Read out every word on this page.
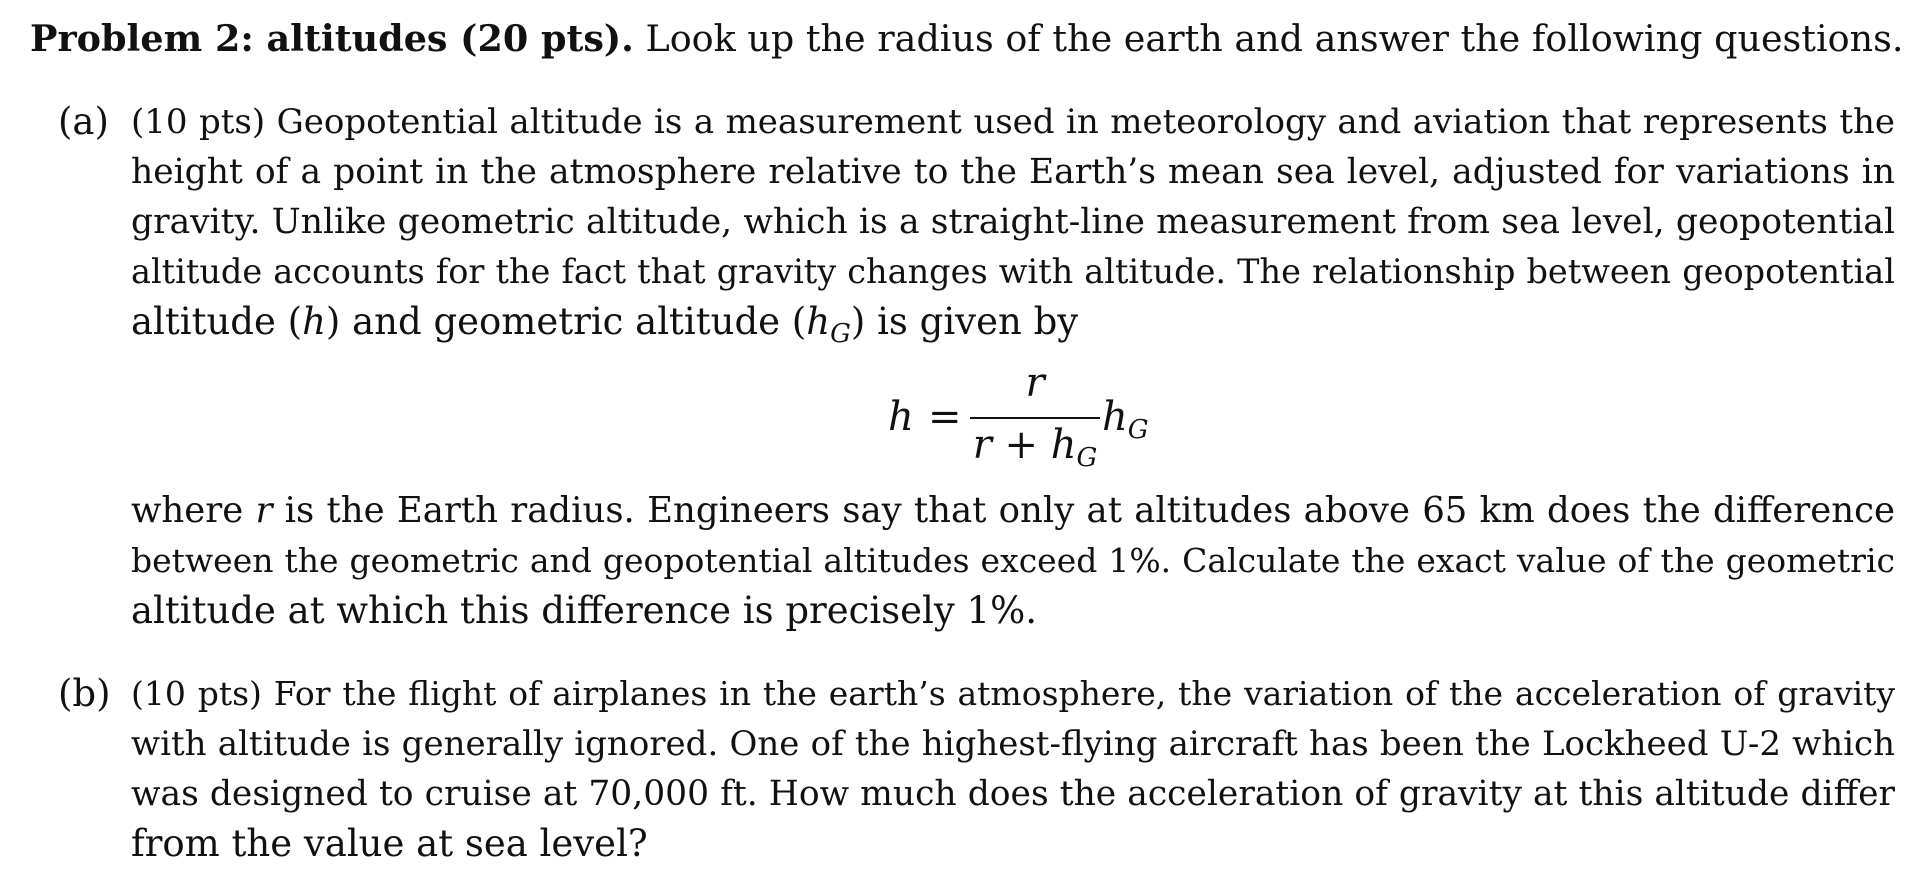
Problem 2: altitudes (20 pts). Look up the radius of the earth and answer the following questions.
(a) (10 pts) Geopotential altitude is a measurement used in meteorology and aviation that represents the
height of a point in the atmosphere relative to the Earth’s mean sea level, adjusted for variations in
gravity. Unlike geometric altitude, which is a straight-line measurement from sea level, geopotential
altitude accounts for the fact that gravity changes with altitude. The relationship between geopotential
altitude (h) and geometric altitude $(h_G)$ is given by
h =
r
$r + h_G$
$h_G$
where r is the Earth radius. Engineers say that only at altitudes above 65 km does the difference
between the geometric and geopotential altitudes exceed 1%. Calculate the exact value of the geometric
altitude at which this difference is precisely 1%.
(b) (10 pts) For the flight of airplanes in the earth’s atmosphere, the variation of the acceleration of gravity
with altitude is generally ignored. One of the highest-flying aircraft has been the Lockheed U-2 which
was designed to cruise at 70,000 ft. How much does the acceleration of gravity at this altitude differ
from the value at sea level?
